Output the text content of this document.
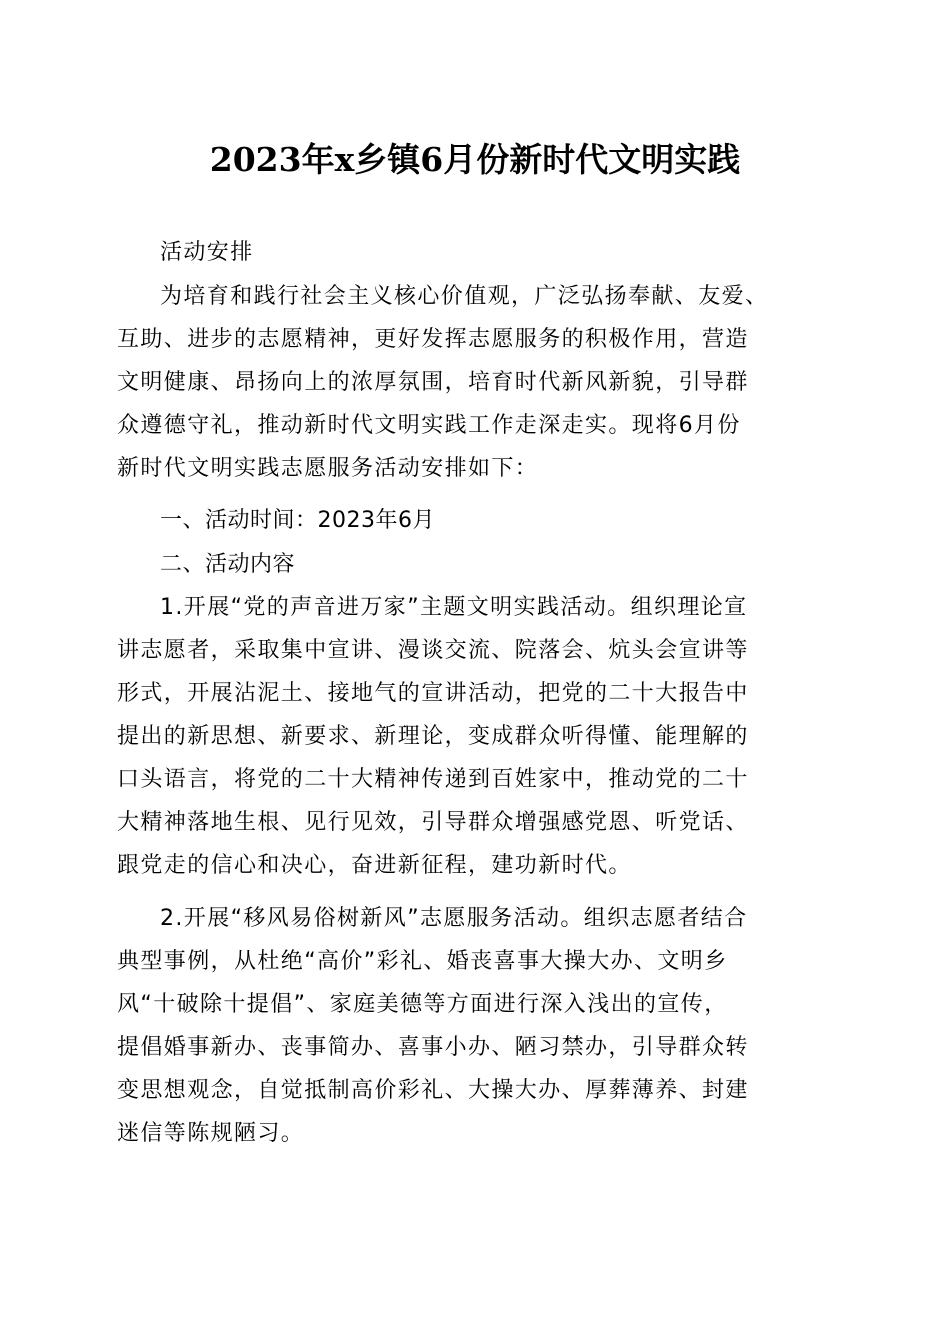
2023年x乡镇6月份新时代文明实践
活动安排
为培育和践行社会主义核心价值观，广泛弘扬奉献、友爱、
互助、进步的志愿精神，更好发挥志愿服务的积极作用，营造
文明健康、昂扬向上的浓厚氛围，培育时代新风新貌，引导群
众遵德守礼，推动新时代文明实践工作走深走实。现将6月份
新时代文明实践志愿服务活动安排如下：
一、活动时间：2023年6月
二、活动内容
1.开展“党的声音进万家”主题文明实践活动。组织理论宣
讲志愿者，采取集中宣讲、漫谈交流、院落会、炕头会宣讲等
形式，开展沾泥土、接地气的宣讲活动，把党的二十大报告中
提出的新思想、新要求、新理论，变成群众听得懂、能理解的
口头语言，将党的二十大精神传递到百姓家中，推动党的二十
大精神落地生根、见行见效，引导群众增强感党恩、听党话、
跟党走的信心和决心，奋进新征程，建功新时代。
2.开展“移风易俗树新风”志愿服务活动。组织志愿者结合
典型事例，从杜绝“高价”彩礼、婚丧喜事大操大办、文明乡
风“十破除十提倡”、家庭美德等方面进行深入浅出的宣传，
提倡婚事新办、丧事简办、喜事小办、陋习禁办，引导群众转
变思想观念，自觉抵制高价彩礼、大操大办、厚葬薄养、封建
迷信等陈规陋习。
